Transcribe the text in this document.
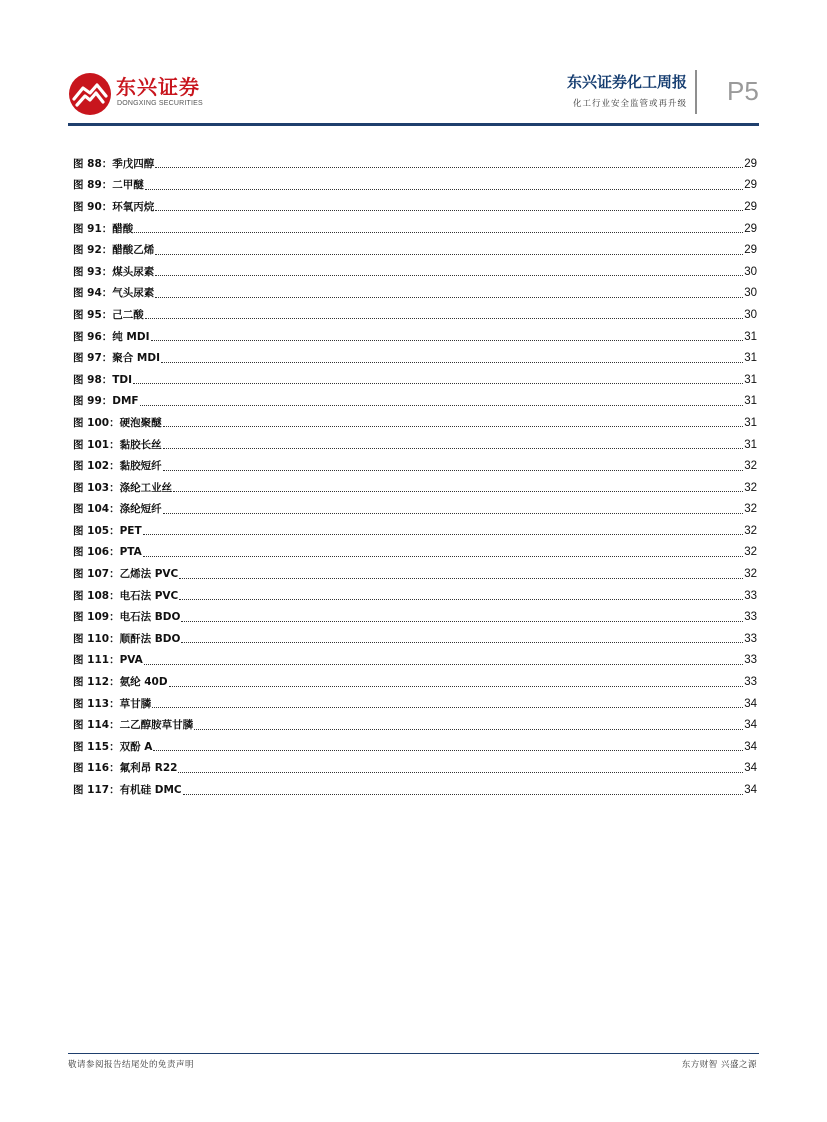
东兴证券
DONGXING SECURITIES
东兴证券化工周报
化工行业安全监管或再升级 P5
图 88：季戊四醇	29
图 89：二甲醚	29
图 90：环氧丙烷	29
图 91：醋酸	29
图 92：醋酸乙烯	29
图 93：煤头尿素	30
图 94：气头尿素	30
图 95：己二酸	30
图 96：纯 MDI	31
图 97：聚合 MDI	31
图 98：TDI	31
图 99：DMF	31
图 100：硬泡聚醚	31
图 101：黏胶长丝	31
图 102：黏胶短纤	32
图 103：涤纶工业丝	32
图 104：涤纶短纤	32
图 105：PET	32
图 106：PTA	32
图 107：乙烯法 PVC	32
图 108：电石法 PVC	33
图 109：电石法 BDO	33
图 110：顺酐法 BDO	33
图 111：PVA	33
图 112：氨纶 40D	33
图 113：草甘膦	34
图 114：二乙醇胺草甘膦	34
图 115：双酚 A	34
图 116：氟利昂 R22	34
图 117：有机硅 DMC	34
敬请参阅报告结尾处的免责声明	东方财智 兴盛之源
